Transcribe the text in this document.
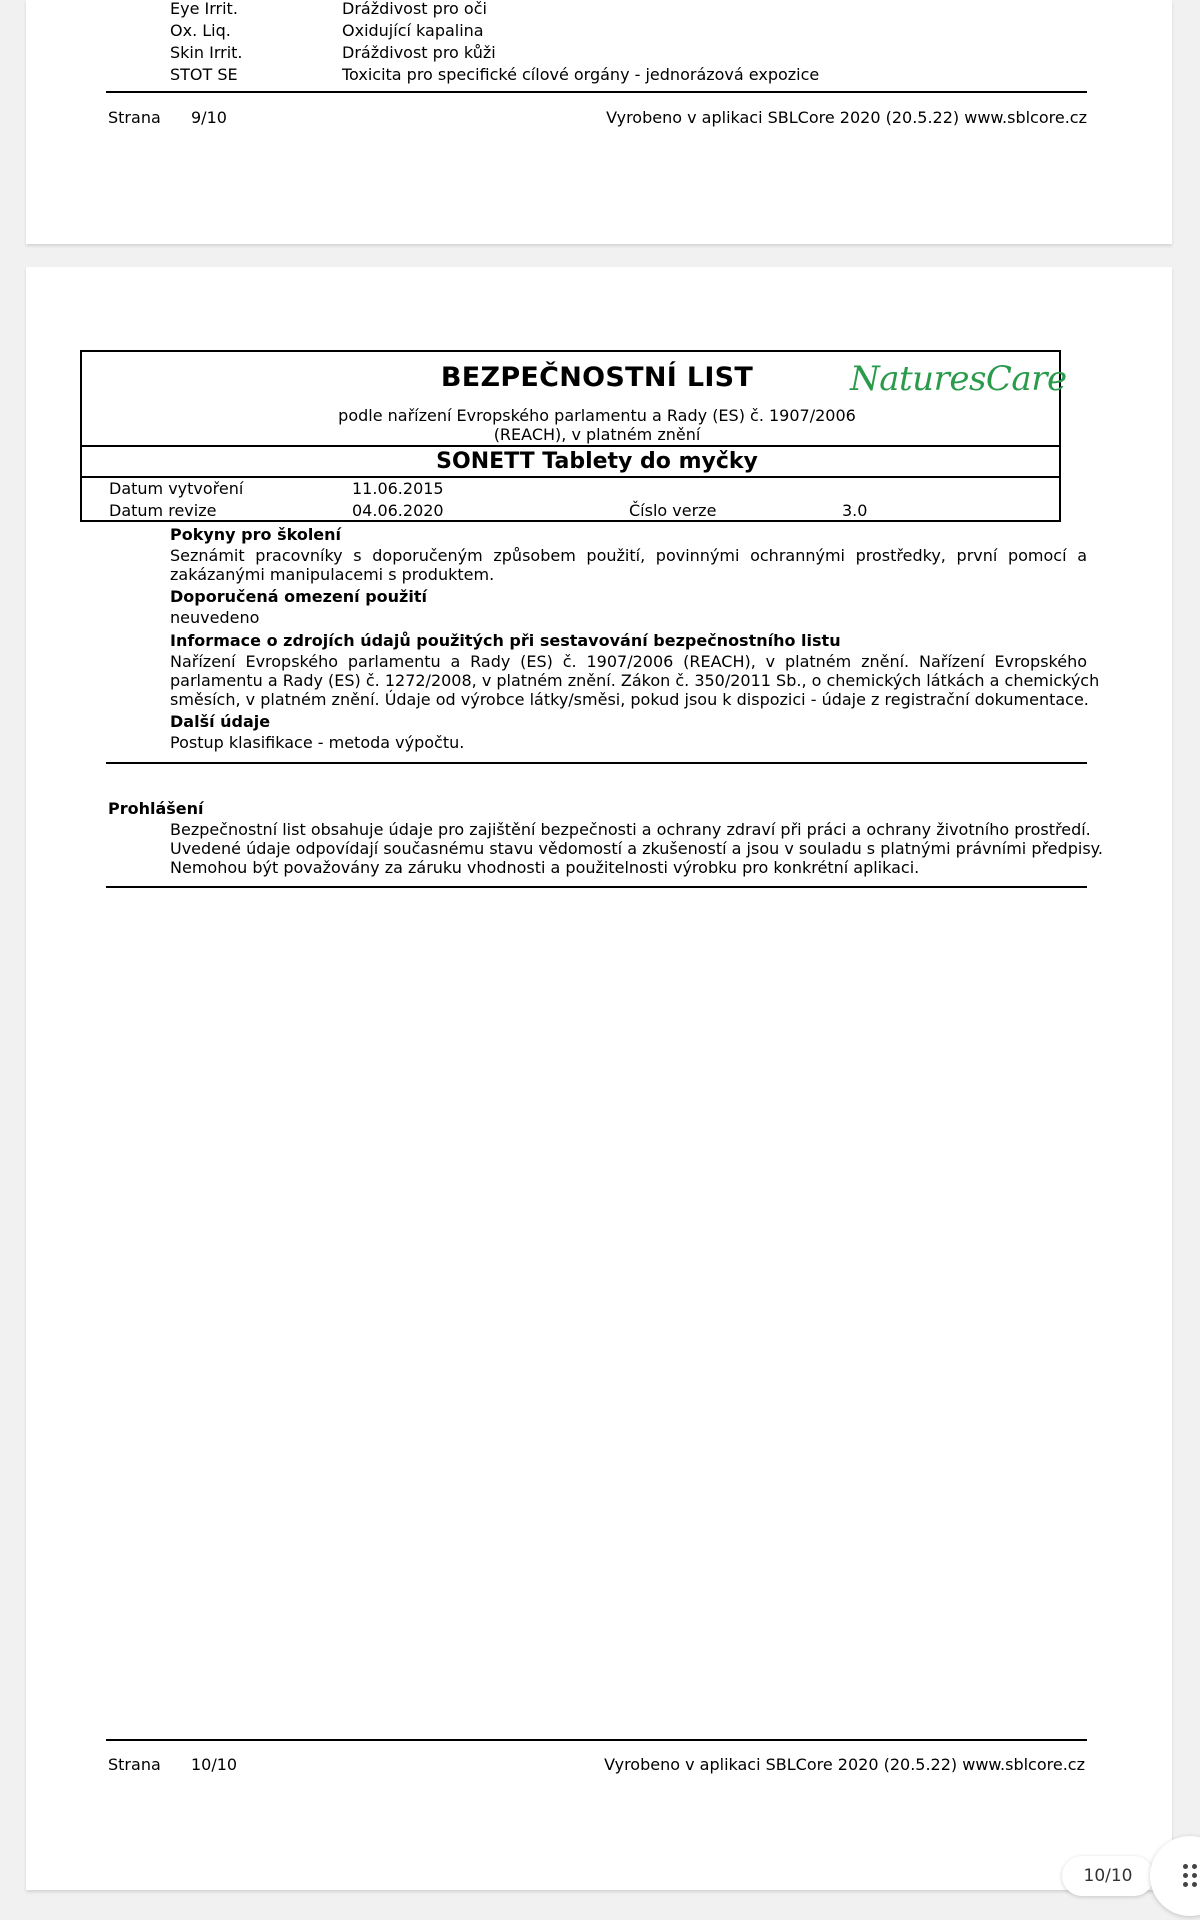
Eye Irrit.	Dráždivost pro oči
Ox. Liq.	Oxidující kapalina
Skin Irrit.	Dráždivost pro kůži
STOT SE	Toxicita pro specifické cílové orgány - jednorázová expozice
Strana 9/10	Vyrobeno v aplikaci SBLCore 2020 (20.5.22) www.sblcore.cz
BEZPEČNOSTNÍ LIST
podle nařízení Evropského parlamentu a Rady (ES) č. 1907/2006
(REACH), v platném znění
NaturesCare
SONETT Tablety do myčky
Datum vytvoření	11.06.2015
Datum revize	04.06.2020	Číslo verze	3.0
Pokyny pro školení
Seznámit pracovníky s doporučeným způsobem použití, povinnými ochrannými prostředky, první pomocí a
zakázanými manipulacemi s produktem.
Doporučená omezení použití
neuvedeno
Informace o zdrojích údajů použitých při sestavování bezpečnostního listu
Nařízení Evropského parlamentu a Rady (ES) č. 1907/2006 (REACH), v platném znění. Nařízení Evropského
parlamentu a Rady (ES) č. 1272/2008, v platném znění. Zákon č. 350/2011 Sb., o chemických látkách a chemických
směsích, v platném znění. Údaje od výrobce látky/směsi, pokud jsou k dispozici - údaje z registrační dokumentace.
Další údaje
Postup klasifikace - metoda výpočtu.
Prohlášení
Bezpečnostní list obsahuje údaje pro zajištění bezpečnosti a ochrany zdraví při práci a ochrany životního prostředí.
Uvedené údaje odpovídají současnému stavu vědomostí a zkušeností a jsou v souladu s platnými právními předpisy.
Nemohou být považovány za záruku vhodnosti a použitelnosti výrobku pro konkrétní aplikaci.
Strana 10/10	Vyrobeno v aplikaci SBLCore 2020 (20.5.22) www.sblcore.cz
10/10
